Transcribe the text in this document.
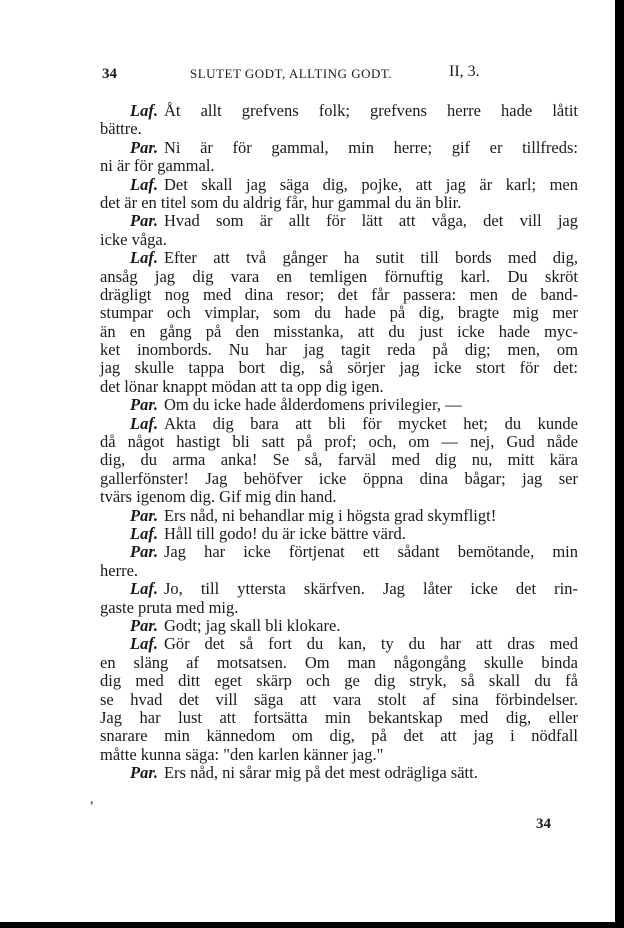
34	SLUTET GODT, ALLTING GODT.	II, 3.
Laf. Åt allt grefvens folk; grefvens herre hade låtit
bättre.
Par. Ni är för gammal, min herre; gif er tillfreds:
ni är för gammal.
Laf. Det skall jag säga dig, pojke, att jag är karl; men
det är en titel som du aldrig får, hur gammal du än blir.
Par. Hvad som är allt för lätt att våga, det vill jag
icke våga.
Laf. Efter att två gånger ha sutit till bords med dig,
ansåg jag dig vara en temligen förnuftig karl. Du skröt
drägligt nog med dina resor; det får passera: men de band-
stumpar och vimplar, som du hade på dig, bragte mig mer
än en gång på den misstanka, att du just icke hade myc-
ket inombords. Nu har jag tagit reda på dig; men, om
jag skulle tappa bort dig, så sörjer jag icke stort för det:
det lönar knappt mödan att ta opp dig igen.
Par. Om du icke hade ålderdomens privilegier, —
Laf. Akta dig bara att bli för mycket het; du kunde
då något hastigt bli satt på prof; och, om — nej, Gud nåde
dig, du arma anka! Se så, farväl med dig nu, mitt kära
gallerfönster! Jag behöfver icke öppna dina bågar; jag ser
tvärs igenom dig. Gif mig din hand.
Par. Ers nåd, ni behandlar mig i högsta grad skymfligt!
Laf. Håll till godo! du är icke bättre värd.
Par. Jag har icke förtjenat ett sådant bemötande, min
herre.
Laf. Jo, till yttersta skärfven. Jag låter icke det rin-
gaste pruta med mig.
Par. Godt; jag skall bli klokare.
Laf. Gör det så fort du kan, ty du har att dras med
en släng af motsatsen. Om man någongång skulle binda
dig med ditt eget skärp och ge dig stryk, så skall du få
se hvad det vill säga att vara stolt af sina förbindelser.
Jag har lust att fortsätta min bekantskap med dig, eller
snarare min kännedom om dig, på det att jag i nödfall
måtte kunna säga: "den karlen känner jag."
Par. Ers nåd, ni sårar mig på det mest odrägliga sätt.
,
34
